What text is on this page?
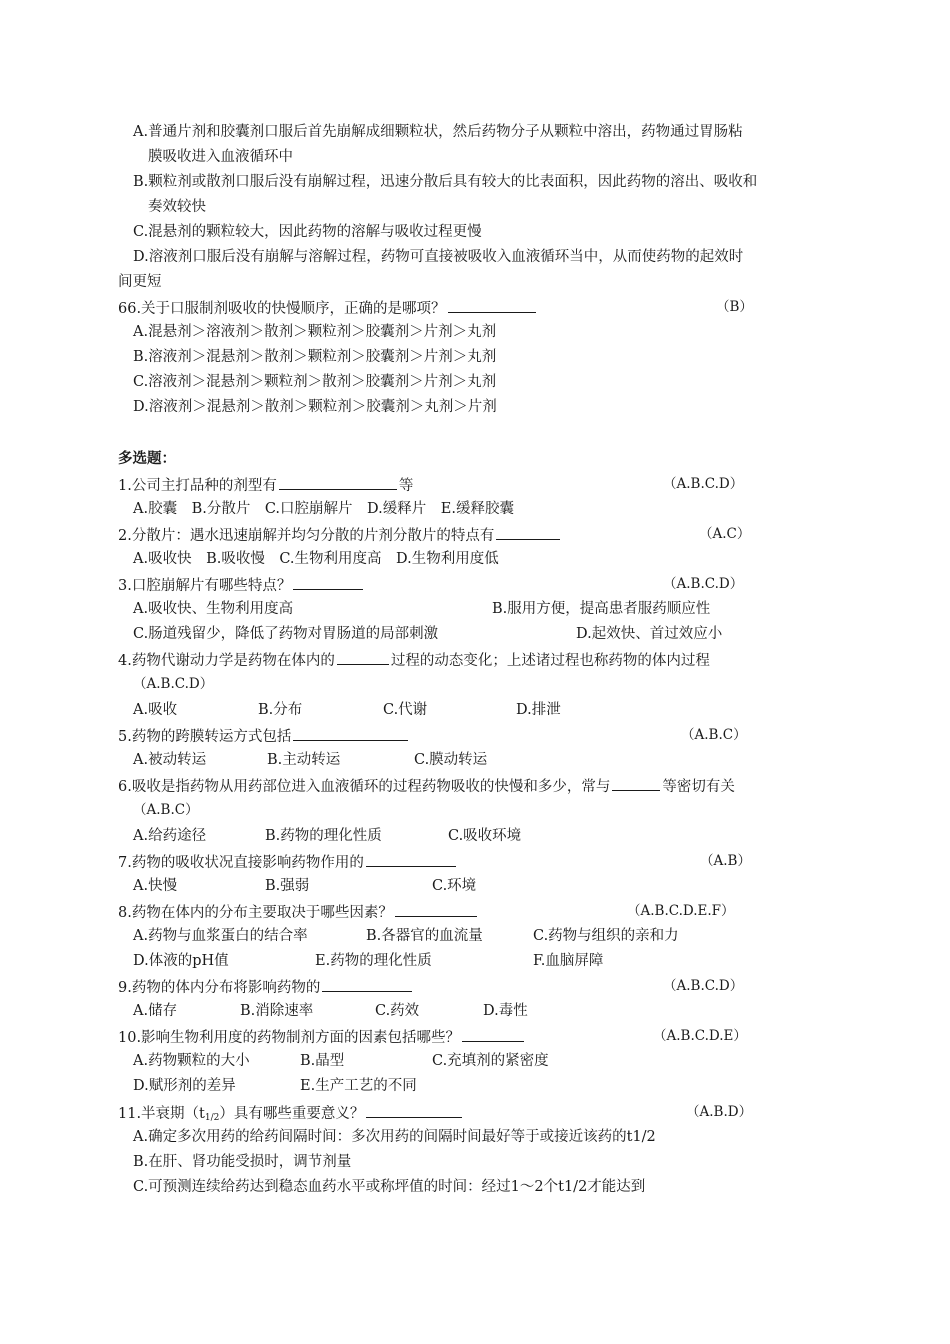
A.普通片剂和胶囊剂口服后首先崩解成细颗粒状，然后药物分子从颗粒中溶出，药物通过胃肠粘
膜吸收进入血液循环中
B.颗粒剂或散剂口服后没有崩解过程，迅速分散后具有较大的比表面积，因此药物的溶出、吸收和
奏效较快
C.混悬剂的颗粒较大，因此药物的溶解与吸收过程更慢
D.溶液剂口服后没有崩解与溶解过程，药物可直接被吸收入血液循环当中，从而使药物的起效时
间更短
66.关于口服制剂吸收的快慢顺序，正确的是哪项？	（B）
A.混悬剂＞溶液剂＞散剂＞颗粒剂＞胶囊剂＞片剂＞丸剂
B.溶液剂＞混悬剂＞散剂＞颗粒剂＞胶囊剂＞片剂＞丸剂
C.溶液剂＞混悬剂＞颗粒剂＞散剂＞胶囊剂＞片剂＞丸剂
D.溶液剂＞混悬剂＞散剂＞颗粒剂＞胶囊剂＞丸剂＞片剂
多选题：
1.公司主打品种的剂型有	等	（A.B.C.D）
A.胶囊　B.分散片　C.口腔崩解片　D.缓释片　E.缓释胶囊
2.分散片：遇水迅速崩解并均匀分散的片剂分散片的特点有	（A.C）
A.吸收快　B.吸收慢　C.生物利用度高　D.生物利用度低
3.口腔崩解片有哪些特点？	（A.B.C.D）
A.吸收快、生物利用度高	B.服用方便，提高患者服药顺应性
C.肠道残留少，降低了药物对胃肠道的局部刺激	D.起效快、首过效应小
4.药物代谢动力学是药物在体内的	过程的动态变化；上述诸过程也称药物的体内过程
（A.B.C.D）
A.吸收	B.分布	C.代谢	D.排泄
5.药物的跨膜转运方式包括	（A.B.C）
A.被动转运	B.主动转运	C.膜动转运
6.吸收是指药物从用药部位进入血液循环的过程药物吸收的快慢和多少，常与	等密切有关
（A.B.C）
A.给药途径	B.药物的理化性质	C.吸收环境
7.药物的吸收状况直接影响药物作用的	（A.B）
A.快慢	B.强弱	C.环境
8.药物在体内的分布主要取决于哪些因素？	（A.B.C.D.E.F）
A.药物与血浆蛋白的结合率	B.各器官的血流量	C.药物与组织的亲和力
D.体液的pH值	E.药物的理化性质	F.血脑屏障
9.药物的体内分布将影响药物的	（A.B.C.D）
A.储存	B.消除速率	C.药效	D.毒性
10.影响生物利用度的药物制剂方面的因素包括哪些？	（A.B.C.D.E）
A.药物颗粒的大小	B.晶型	C.充填剂的紧密度
D.赋形剂的差异	E.生产工艺的不同
11.半衰期$(t_{1/2})$具有哪些重要意义？	（A.B.D）
A.确定多次用药的给药间隔时间：多次用药的间隔时间最好等于或接近该药的t1/2
B.在肝、肾功能受损时，调节剂量
C.可预测连续给药达到稳态血药水平或称坪值的时间：经过1～2个t1/2才能达到
